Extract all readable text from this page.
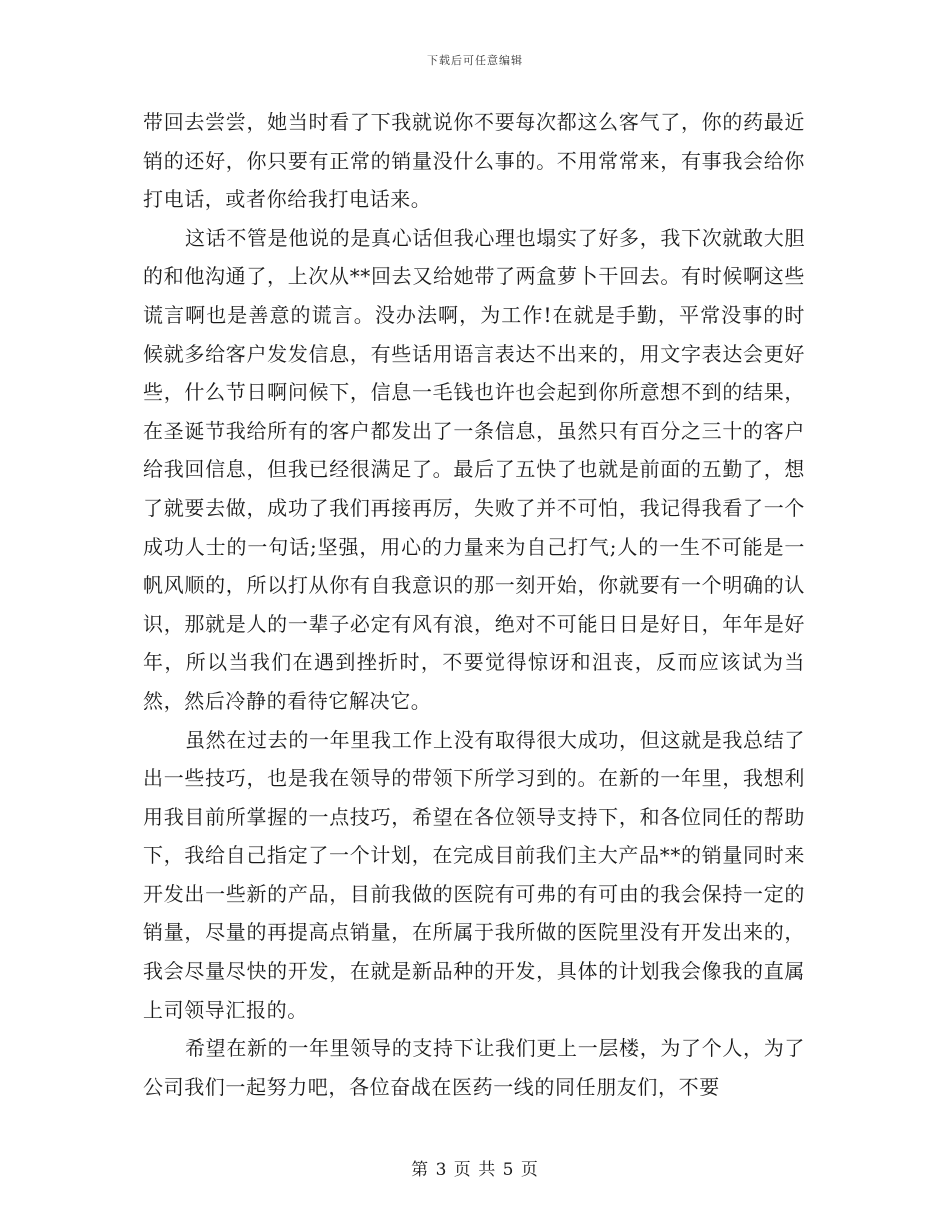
下载后可任意编辑

带回去尝尝，她当时看了下我就说你不要每次都这么客气了，你的药最近销的还好，你只要有正常的销量没什么事的。不用常常来，有事我会给你打电话，或者你给我打电话来。

这话不管是他说的是真心话但我心理也塌实了好多，我下次就敢大胆的和他沟通了，上次从**回去又给她带了两盒萝卜干回去。有时候啊这些谎言啊也是善意的谎言。没办法啊，为工作!在就是手勤，平常没事的时候就多给客户发发信息，有些话用语言表达不出来的，用文字表达会更好些，什么节日啊问候下，信息一毛钱也许也会起到你所意想不到的结果，在圣诞节我给所有的客户都发出了一条信息，虽然只有百分之三十的客户给我回信息，但我已经很满足了。最后了五快了也就是前面的五勤了，想了就要去做，成功了我们再接再厉，失败了并不可怕，我记得我看了一个成功人士的一句话;坚强，用心的力量来为自己打气;人的一生不可能是一帆风顺的，所以打从你有自我意识的那一刻开始，你就要有一个明确的认识，那就是人的一辈子必定有风有浪，绝对不可能日日是好日，年年是好年，所以当我们在遇到挫折时，不要觉得惊讶和沮丧，反而应该试为当然，然后冷静的看待它解决它。

虽然在过去的一年里我工作上没有取得很大成功，但这就是我总结了出一些技巧，也是我在领导的带领下所学习到的。在新的一年里，我想利用我目前所掌握的一点技巧，希望在各位领导支持下，和各位同任的帮助下，我给自己指定了一个计划，在完成目前我们主大产品**的销量同时来开发出一些新的产品，目前我做的医院有可弗的有可由的我会保持一定的销量，尽量的再提高点销量，在所属于我所做的医院里没有开发出来的，我会尽量尽快的开发，在就是新品种的开发，具体的计划我会像我的直属上司领导汇报的。

希望在新的一年里领导的支持下让我们更上一层楼，为了个人，为了公司我们一起努力吧，各位奋战在医药一线的同任朋友们，不要

第 3 页 共 5 页
